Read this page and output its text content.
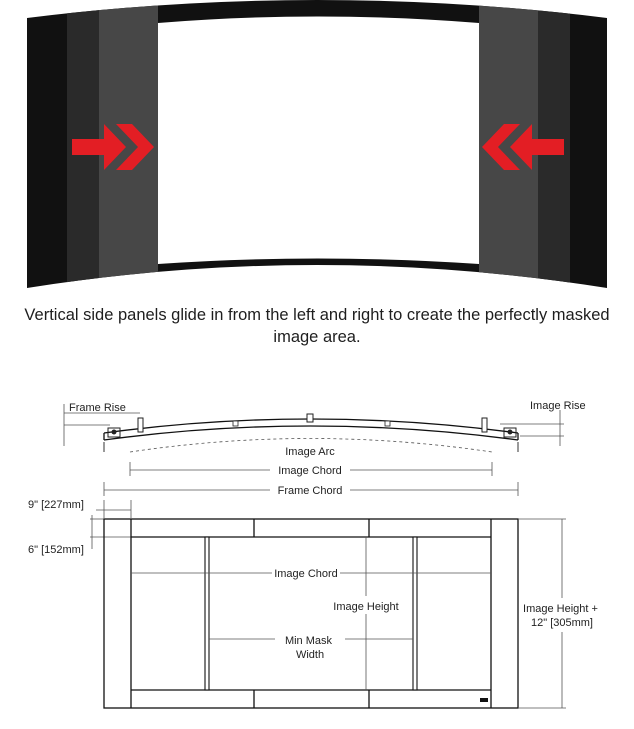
Vertical side panels glide in from the left and right to create the perfectly masked image area.
Frame Rise	Image Rise
Image Arc
Image Chord
Frame Chord
9" [227mm]
6" [152mm]
Image Chord
Image Height
Min Mask Width
Image Height + 12" [305mm]
